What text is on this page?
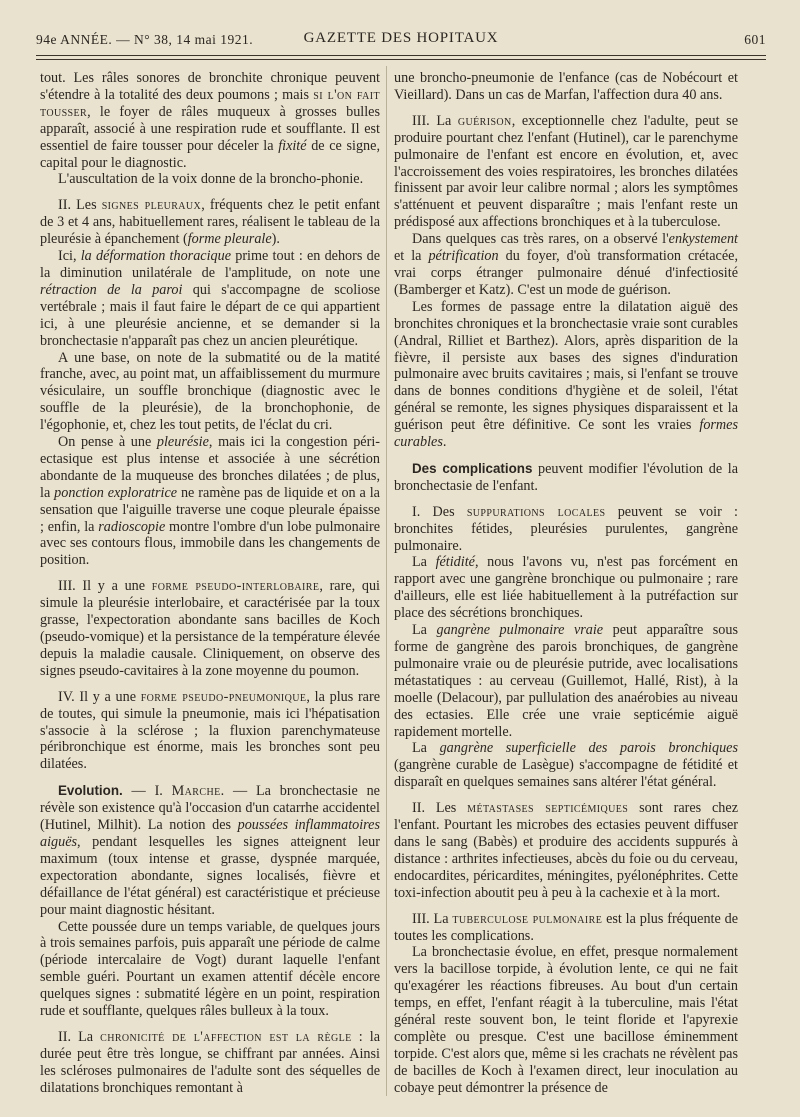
94e ANNÉE. — N° 38, 14 mai 1921.	GAZETTE DES HOPITAUX	601

tout. Les râles sonores de bronchite chronique peuvent s'étendre à la totalité des deux poumons ; mais si l'on fait tousser, le foyer de râles muqueux à grosses bulles apparaît, associé à une respiration rude et soufflante. Il est essentiel de faire tousser pour déceler la fixité de ce signe, capital pour le diagnostic.

L'auscultation de la voix donne de la broncho-phonie.

II. Les signes pleuraux, fréquents chez le petit enfant de 3 et 4 ans, habituellement rares, réalisent le tableau de la pleurésie à épanchement (forme pleurale).

Ici, la déformation thoracique prime tout : en dehors de la diminution unilatérale de l'amplitude, on note une rétraction de la paroi qui s'accompagne de scoliose vertébrale ; mais il faut faire le départ de ce qui appartient ici, à une pleurésie ancienne, et se demander si la bronchectasie n'apparaît pas chez un ancien pleurétique.

A une base, on note de la submatité ou de la matité franche, avec, au point mat, un affaiblissement du murmure vésiculaire, un souffle bronchique (diagnostic avec le souffle de la pleurésie), de la bronchophonie, de l'égophonie, et, chez les tout petits, de l'éclat du cri.

On pense à une pleurésie, mais ici la congestion péri-ectasique est plus intense et associée à une sécrétion abondante de la muqueuse des bronches dilatées ; de plus, la ponction exploratrice ne ramène pas de liquide et on a la sensation que l'aiguille traverse une coque pleurale épaisse ; enfin, la radioscopie montre l'ombre d'un lobe pulmonaire avec ses contours flous, immobile dans les changements de position.

III. Il y a une forme pseudo-interlobaire, rare, qui simule la pleurésie interlobaire, et caractérisée par la toux grasse, l'expectoration abondante sans bacilles de Koch (pseudo-vomique) et la persistance de la température élevée depuis la maladie causale. Cliniquement, on observe des signes pseudo-cavitaires à la zone moyenne du poumon.

IV. Il y a une forme pseudo-pneumonique, la plus rare de toutes, qui simule la pneumonie, mais ici l'hépatisation s'associe à la sclérose ; la fluxion parenchymateuse péribronchique est énorme, mais les bronches sont peu dilatées.

Evolution. — I. Marche. — La bronchectasie ne révèle son existence qu'à l'occasion d'un catarrhe accidentel (Hutinel, Milhit). La notion des poussées inflammatoires aiguës, pendant lesquelles les signes atteignent leur maximum (toux intense et grasse, dyspnée marquée, expectoration abondante, signes localisés, fièvre et défaillance de l'état général) est caractéristique et précieuse pour maint diagnostic hésitant.

Cette poussée dure un temps variable, de quelques jours à trois semaines parfois, puis apparaît une période de calme (période intercalaire de Vogt) durant laquelle l'enfant semble guéri. Pourtant un examen attentif décèle encore quelques signes : submatité légère en un point, respiration rude et soufflante, quelques râles bulleux à la toux.

II. La chronicité de l'affection est la règle : la durée peut être très longue, se chiffrant par années. Ainsi les scléroses pulmonaires de l'adulte sont des séquelles de dilatations bronchiques remontant à

une broncho-pneumonie de l'enfance (cas de Nobécourt et Vieillard). Dans un cas de Marfan, l'affection dura 40 ans.

III. La guérison, exceptionnelle chez l'adulte, peut se produire pourtant chez l'enfant (Hutinel), car le parenchyme pulmonaire de l'enfant est encore en évolution, et, avec l'accroissement des voies respiratoires, les bronches dilatées finissent par avoir leur calibre normal ; alors les symptômes s'atténuent et peuvent disparaître ; mais l'enfant reste un prédisposé aux affections bronchiques et à la tuberculose.

Dans quelques cas très rares, on a observé l'enkystement et la pétrification du foyer, d'où transformation crétacée, vrai corps étranger pulmonaire dénué d'infectiosité (Bamberger et Katz). C'est un mode de guérison.

Les formes de passage entre la dilatation aiguë des bronchites chroniques et la bronchectasie vraie sont curables (Andral, Rilliet et Barthez). Alors, après disparition de la fièvre, il persiste aux bases des signes d'induration pulmonaire avec bruits cavitaires ; mais, si l'enfant se trouve dans de bonnes conditions d'hygiène et de soleil, l'état général se remonte, les signes physiques disparaissent et la guérison peut être définitive. Ce sont les vraies formes curables.

Des complications peuvent modifier l'évolution de la bronchectasie de l'enfant.

I. Des suppurations locales peuvent se voir : bronchites fétides, pleurésies purulentes, gangrène pulmonaire.

La fétidité, nous l'avons vu, n'est pas forcément en rapport avec une gangrène bronchique ou pulmonaire ; rare d'ailleurs, elle est liée habituellement à la putréfaction sur place des sécrétions bronchiques.

La gangrène pulmonaire vraie peut apparaître sous forme de gangrène des parois bronchiques, de gangrène pulmonaire vraie ou de pleurésie putride, avec localisations métastatiques : au cerveau (Guillemot, Hallé, Rist), à la moelle (Delacour), par pullulation des anaérobies au niveau des ectasies. Elle crée une vraie septicémie aiguë rapidement mortelle.

La gangrène superficielle des parois bronchiques (gangrène curable de Lasègue) s'accompagne de fétidité et disparaît en quelques semaines sans altérer l'état général.

II. Les métastases septicémiques sont rares chez l'enfant. Pourtant les microbes des ectasies peuvent diffuser dans le sang (Babès) et produire des accidents suppurés à distance : arthrites infectieuses, abcès du foie ou du cerveau, endocardites, péricardites, méningites, pyélonéphrites. Cette toxi-infection aboutit peu à peu à la cachexie et à la mort.

III. La tuberculose pulmonaire est la plus fréquente de toutes les complications.

La bronchectasie évolue, en effet, presque normalement vers la bacillose torpide, à évolution lente, ce qui ne fait qu'exagérer les réactions fibreuses. Au bout d'un certain temps, en effet, l'enfant réagit à la tuberculine, mais l'état général reste souvent bon, le teint floride et l'apyrexie complète ou presque. C'est une bacillose éminemment torpide. C'est alors que, même si les crachats ne révèlent pas de bacilles de Koch à l'examen direct, leur inoculation au cobaye peut démontrer la présence de
